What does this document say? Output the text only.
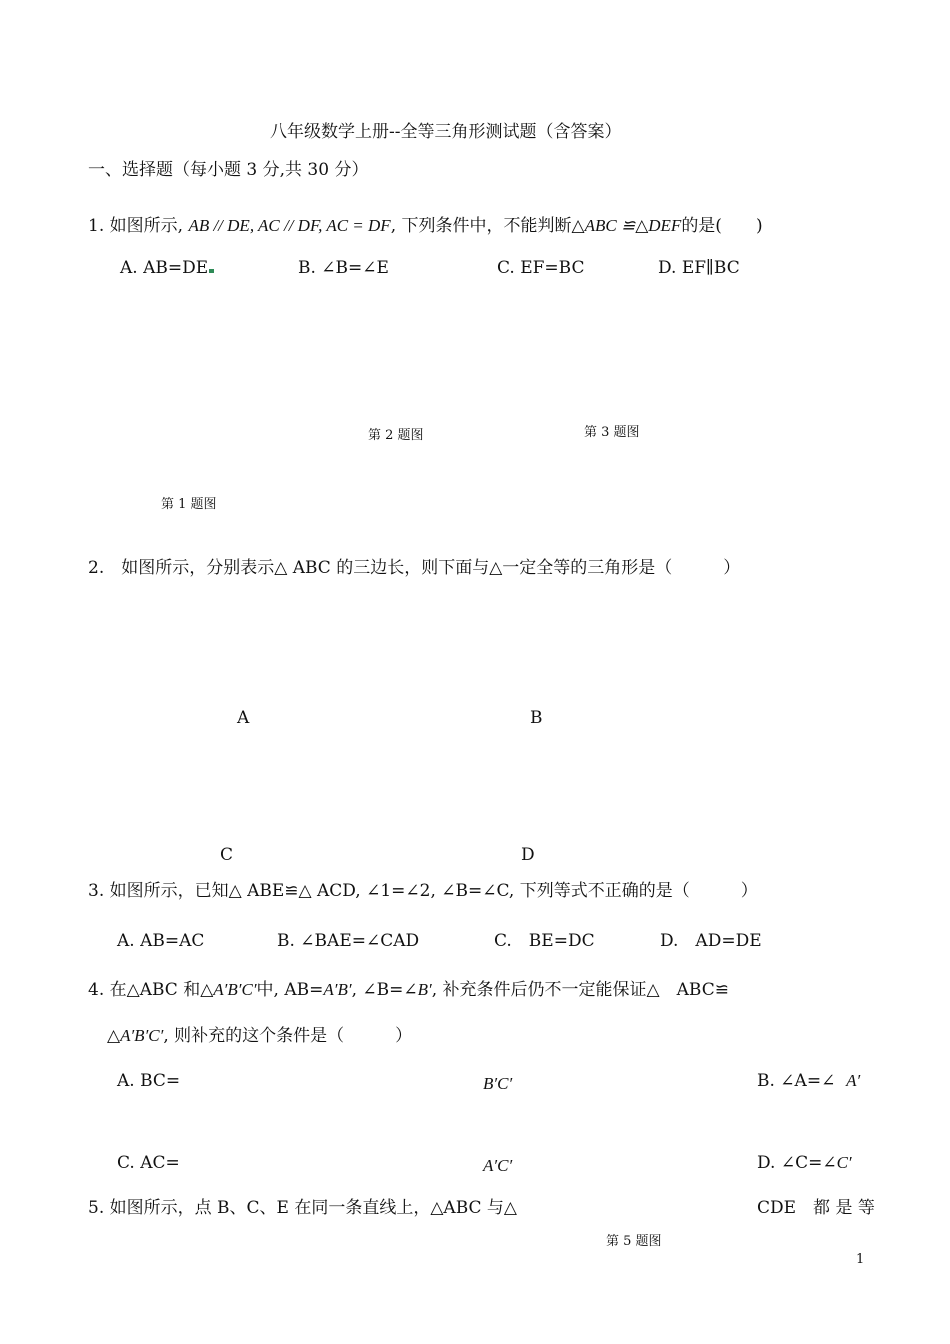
八年级数学上册--全等三角形测试题（含答案）
一、选择题（每小题 3 分,共 30 分）
1. 如图所示, AB // DE, AC // DF, AC = DF, 下列条件中，不能判断△ABC ≌△DEF的是(　　)
A. AB=DE	B. ∠B=∠E	C. EF=BC	D. EF∥BC
第 2 题图	第 3 题图
第 1 题图
2.　如图所示，分别表示△ ABC 的三边长，则下面与△一定全等的三角形是（　　　）
A	B
C	D
3. 如图所示，已知△ ABE≌△ ACD, ∠1=∠2, ∠B=∠C, 下列等式不正确的是（　　　）
A. AB=AC	B. ∠BAE=∠CAD	C.　BE=DC	D.　AD=DE
4. 在△ABC 和△A′B′C′中, AB=A′B′, ∠B=∠B′, 补充条件后仍不一定能保证△　ABC≌
△A′B′C′, 则补充的这个条件是（　　　）
A. BC=	B′C′	B. ∠A=∠ A′
C. AC=	A′C′	D. ∠C=∠C′
5. 如图所示，点 B、C、E 在同一条直线上，△ABC 与△	CDE　都 是 等
第 5 题图
1
